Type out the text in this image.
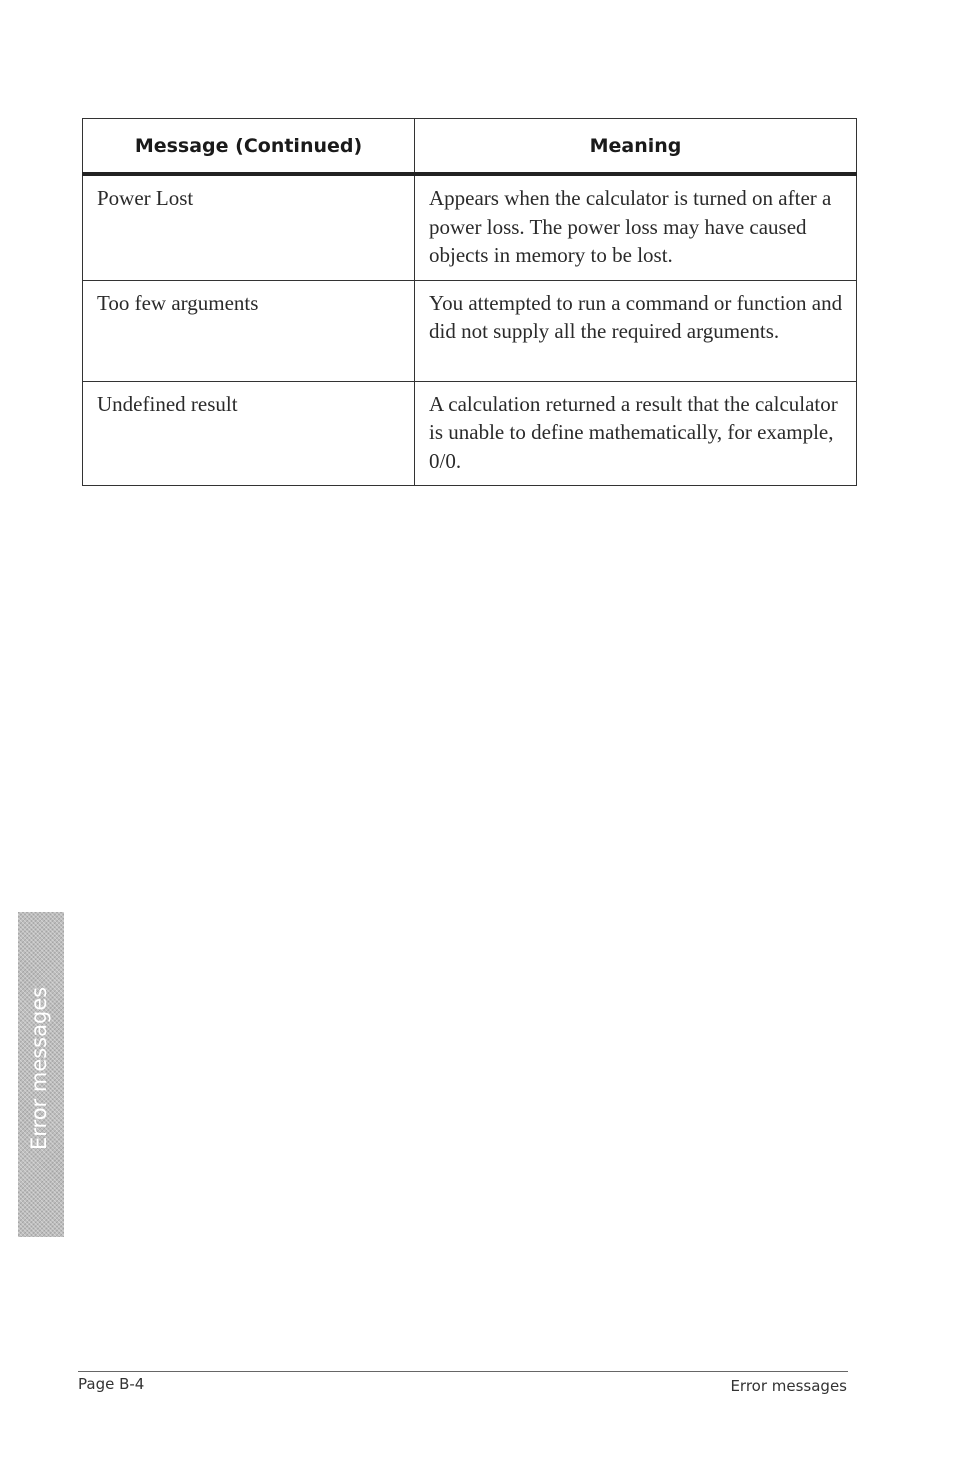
Message (Continued)	Meaning
Power Lost	Appears when the calculator is turned on after a power loss. The power loss may have caused objects in memory to be lost.
Too few arguments	You attempted to run a command or function and did not supply all the required arguments.
Undefined result	A calculation returned a result that the calculator is unable to define mathematically, for example, 0/0.
Error messages
Page B-4	Error messages
